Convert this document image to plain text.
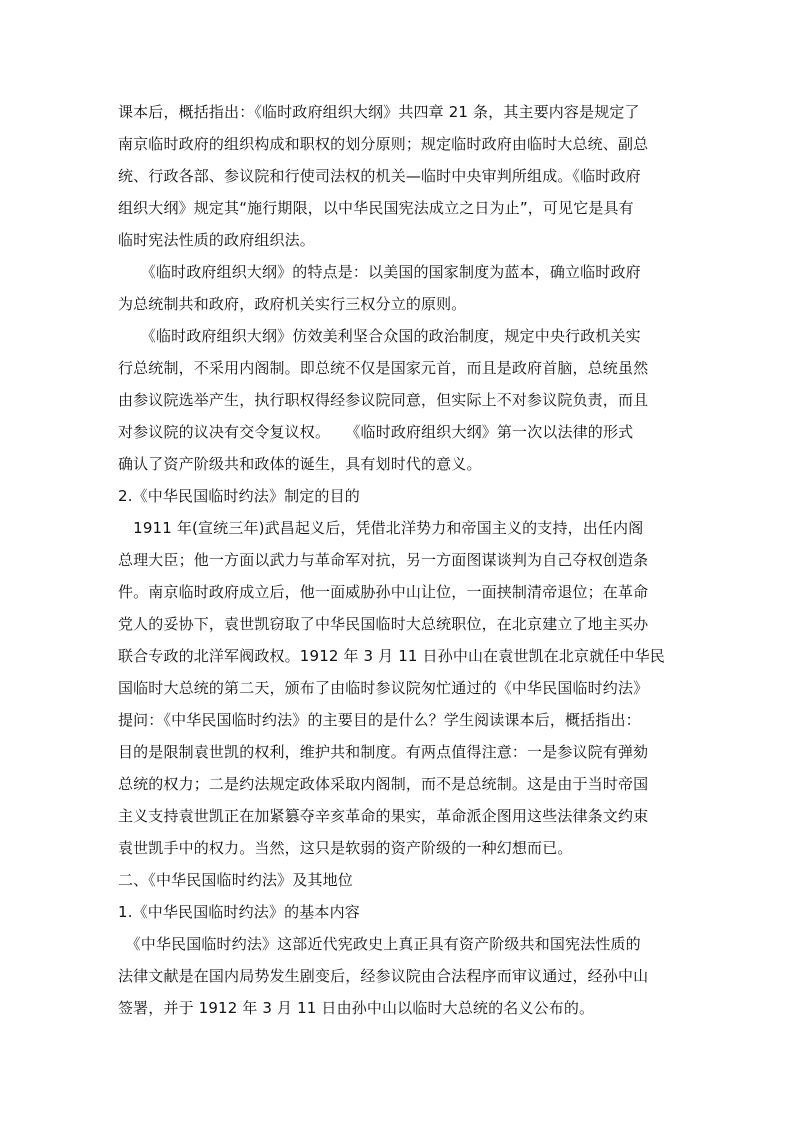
课本后，概括指出：《临时政府组织大纲》共四章 21 条，其主要内容是规定了
南京临时政府的组织构成和职权的划分原则；规定临时政府由临时大总统、副总
统、行政各部、参议院和行使司法权的机关—临时中央审判所组成。《临时政府
组织大纲》规定其“施行期限，以中华民国宪法成立之日为止”，可见它是具有
临时宪法性质的政府组织法。
　　《临时政府组织大纲》的特点是：以美国的国家制度为蓝本，确立临时政府
为总统制共和政府，政府机关实行三权分立的原则。
　　《临时政府组织大纲》仿效美利坚合众国的政治制度，规定中央行政机关实
行总统制，不采用内阁制。即总统不仅是国家元首，而且是政府首脑，总统虽然
由参议院选举产生，执行职权得经参议院同意，但实际上不对参议院负责，而且
对参议院的议决有交令复议权。　　《临时政府组织大纲》第一次以法律的形式
确认了资产阶级共和政体的诞生，具有划时代的意义。
2.《中华民国临时约法》制定的目的
　1911 年(宣统三年)武昌起义后，凭借北洋势力和帝国主义的支持，出任内阁
总理大臣；他一方面以武力与革命军对抗，另一方面图谋谈判为自己夺权创造条
件。南京临时政府成立后，他一面威胁孙中山让位，一面挟制清帝退位；在革命
党人的妥协下，袁世凯窃取了中华民国临时大总统职位，在北京建立了地主买办
联合专政的北洋军阀政权。1912 年 3 月 11 日孙中山在袁世凯在北京就任中华民
国临时大总统的第二天，颁布了由临时参议院匆忙通过的《中华民国临时约法》
提问：《中华民国临时约法》的主要目的是什么？学生阅读课本后，概括指出：
目的是限制袁世凯的权利，维护共和制度。有两点值得注意：一是参议院有弹劾
总统的权力；二是约法规定政体采取内阁制，而不是总统制。这是由于当时帝国
主义支持袁世凯正在加紧篡夺辛亥革命的果实，革命派企图用这些法律条文约束
袁世凯手中的权力。当然，这只是软弱的资产阶级的一种幻想而已。
二、《中华民国临时约法》及其地位
1.《中华民国临时约法》的基本内容
　《中华民国临时约法》这部近代宪政史上真正具有资产阶级共和国宪法性质的
法律文献是在国内局势发生剧变后，经参议院由合法程序而审议通过，经孙中山
签署，并于 1912 年 3 月 11 日由孙中山以临时大总统的名义公布的。
